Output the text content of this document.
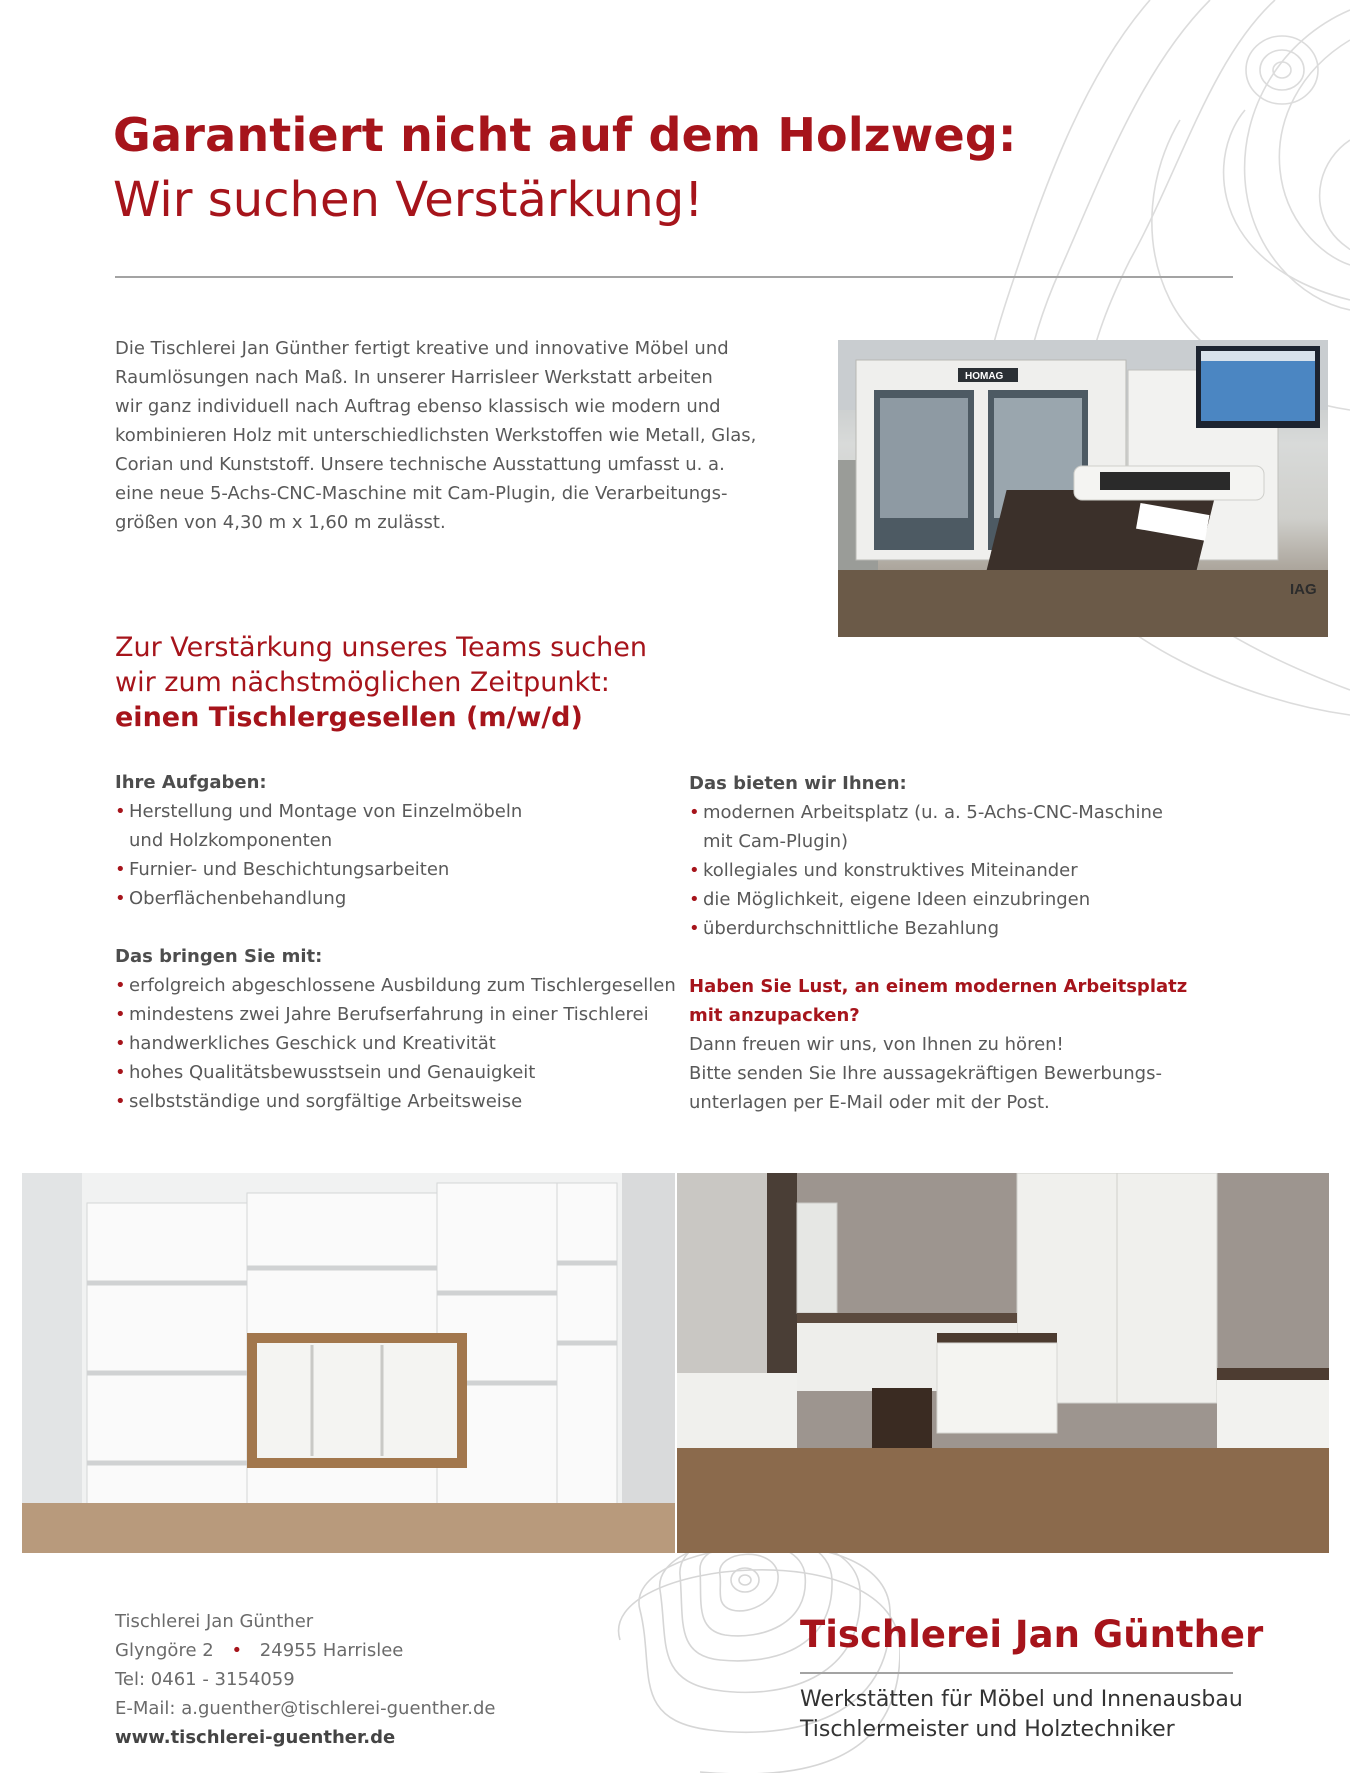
Garantiert nicht auf dem Holzweg:
Wir suchen Verstärkung!
Die Tischlerei Jan Günther fertigt kreative und innovative Möbel und
Raumlösungen nach Maß. In unserer Harrisleer Werkstatt arbeiten
wir ganz individuell nach Auftrag ebenso klassisch wie modern und
kombinieren Holz mit unterschiedlichsten Werkstoffen wie Metall, Glas,
Corian und Kunststoff. Unsere technische Ausstattung umfasst u. a.
eine neue 5-Achs-CNC-Maschine mit Cam-Plugin, die Verarbeitungs-
größen von 4,30 m x 1,60 m zulässt.
HOMAG
IAG
Zur Verstärkung unseres Teams suchen
wir zum nächstmöglichen Zeitpunkt:
einen Tischlergesellen (m/w/d)
Ihre Aufgaben:
• Herstellung und Montage von Einzelmöbeln und Holzkomponenten
• Furnier- und Beschichtungsarbeiten
• Oberflächenbehandlung
Das bringen Sie mit:
• erfolgreich abgeschlossene Ausbildung zum Tischlergesellen
• mindestens zwei Jahre Berufserfahrung in einer Tischlerei
• handwerkliches Geschick und Kreativität
• hohes Qualitätsbewusstsein und Genauigkeit
• selbstständige und sorgfältige Arbeitsweise
Das bieten wir Ihnen:
• modernen Arbeitsplatz (u. a. 5-Achs-CNC-Maschine mit Cam-Plugin)
• kollegiales und konstruktives Miteinander
• die Möglichkeit, eigene Ideen einzubringen
• überdurchschnittliche Bezahlung
Haben Sie Lust, an einem modernen Arbeitsplatz
mit anzupacken?
Dann freuen wir uns, von Ihnen zu hören!
Bitte senden Sie Ihre aussagekräftigen Bewerbungs-
unterlagen per E-Mail oder mit der Post.
Tischlerei Jan Günther
Glyngöre 2 • 24955 Harrislee
Tel: 0461 - 3154059
E-Mail: a.guenther@tischlerei-guenther.de
www.tischlerei-guenther.de
Tischlerei Jan Günther
Werkstätten für Möbel und Innenausbau
Tischlermeister und Holztechniker
